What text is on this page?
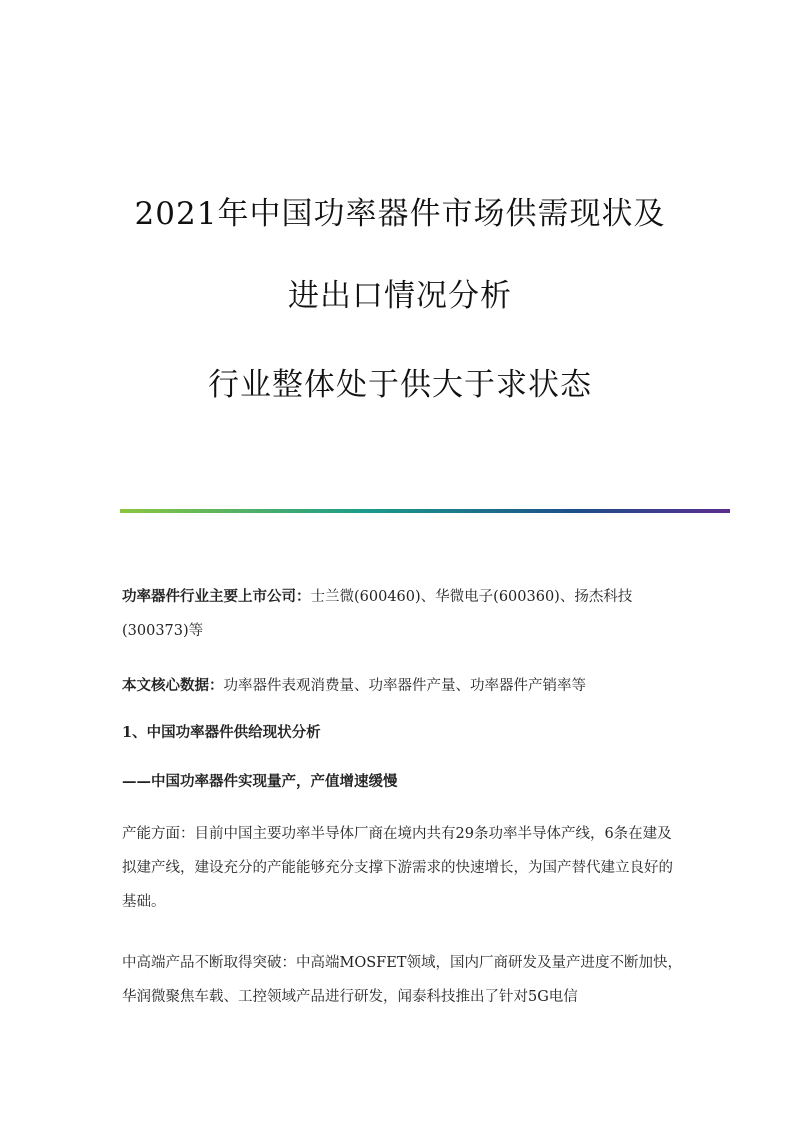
2021年中国功率器件市场供需现状及
进出口情况分析
行业整体处于供大于求状态
功率器件行业主要上市公司：士兰微(600460)、华微电子(600360)、扬杰科技(300373)等
本文核心数据：功率器件表观消费量、功率器件产量、功率器件产销率等
1、中国功率器件供给现状分析
——中国功率器件实现量产，产值增速缓慢
产能方面：目前中国主要功率半导体厂商在境内共有29条功率半导体产线，6条在建及拟建产线，建设充分的产能能够充分支撑下游需求的快速增长，为国产替代建立良好的基础。
中高端产品不断取得突破：中高端MOSFET领域，国内厂商研发及量产进度不断加快，华润微聚焦车载、工控领域产品进行研发，闻泰科技推出了针对5G电信
